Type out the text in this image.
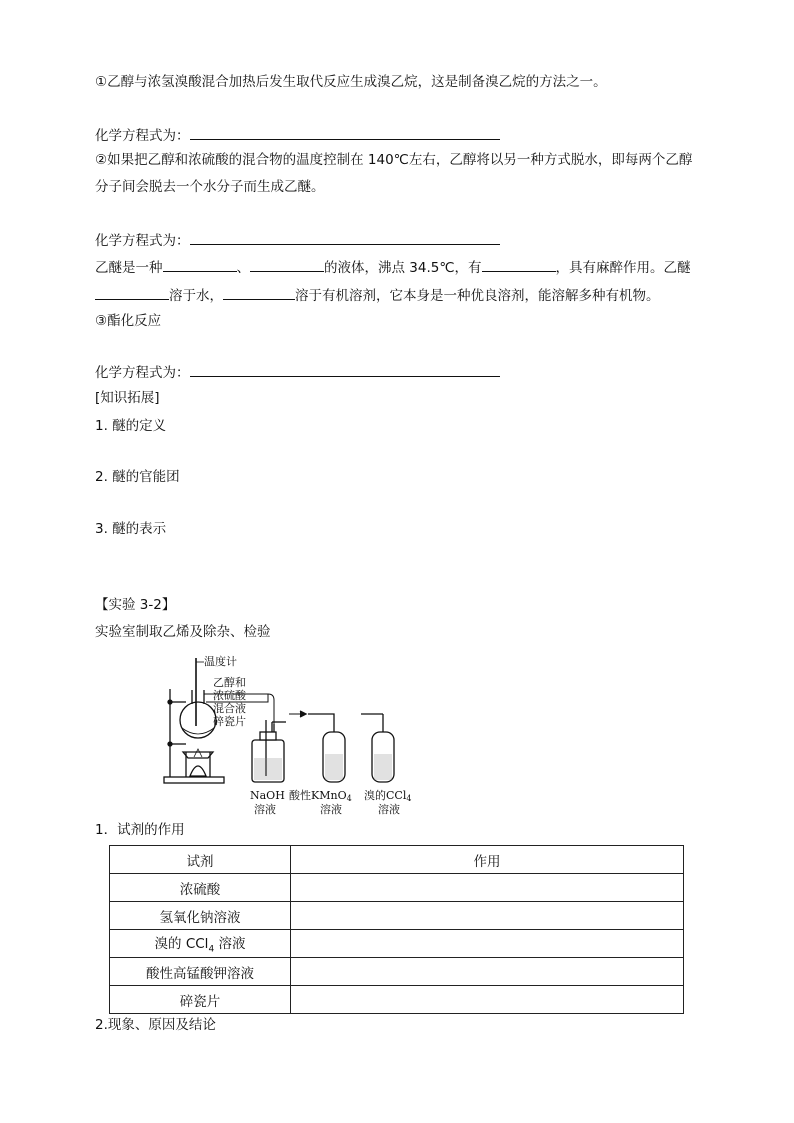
①乙醇与浓氢溴酸混合加热后发生取代反应生成溴乙烷，这是制备溴乙烷的方法之一。
化学方程式为：
②如果把乙醇和浓硫酸的混合物的温度控制在 140℃左右，乙醇将以另一种方式脱水，即每两个乙醇
分子间会脱去一个水分子而生成乙醚。
化学方程式为：
乙醚是一种	、	的液体，沸点 34.5℃，有	，具有麻醉作用。乙醚
溶于水，	溶于有机溶剂，它本身是一种优良溶剂，能溶解多种有机物。
③酯化反应
化学方程式为：
[知识拓展]
1. 醚的定义
2. 醚的官能团
3. 醚的表示
【实验 3-2】
实验室制取乙烯及除杂、检验
温度计
乙醇和
浓硫酸
混合液
碎瓷片
NaOH
溶液
酸性KMnO4
溶液
溴的CCl4
溶液
1．试剂的作用
试剂	作用
浓硫酸	
氢氧化钠溶液	
溴的 CCl$_4$ 溶液	
酸性高锰酸钾溶液	
碎瓷片	
2.现象、原因及结论
